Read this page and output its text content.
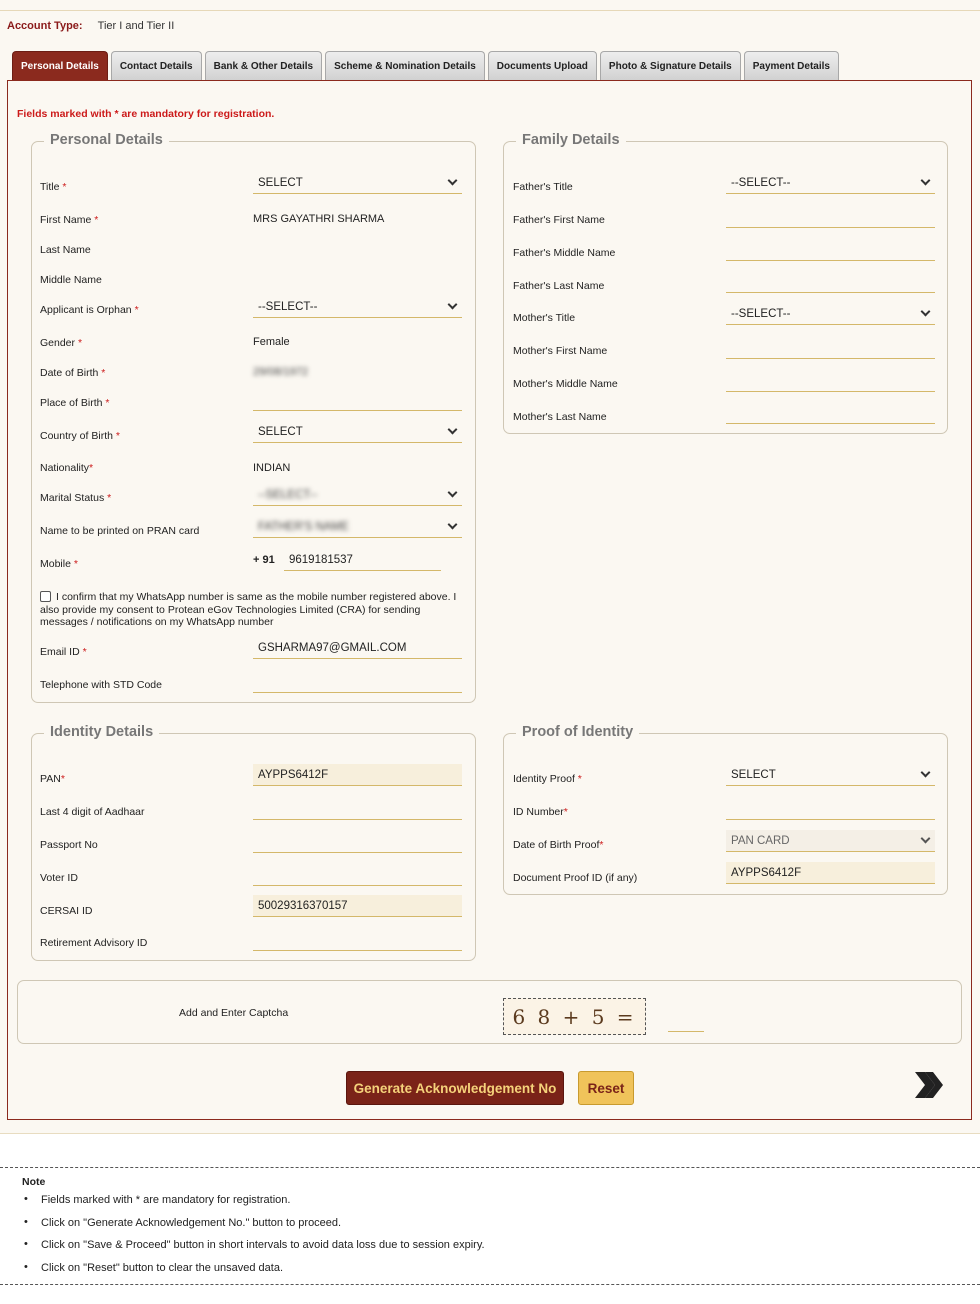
Account Type: Tier I and Tier II
Personal Details	Contact Details	Bank & Other Details	Scheme & Nomination Details	Documents Upload	Photo & Signature Details	Payment Details
Fields marked with * are mandatory for registration.
Personal Details
Title *	SELECT
First Name *	MRS GAYATHRI SHARMA
Last Name
Middle Name
Applicant is Orphan *	--SELECT--
Gender *	Female
Date of Birth *	29/08/1972
Place of Birth *
Country of Birth *	SELECT
Nationality*	INDIAN
Marital Status *	--SELECT--
Name to be printed on PRAN card	FATHER'S NAME
Mobile *	+ 91	9619181537
I confirm that my WhatsApp number is same as the mobile number registered above. I also provide my consent to Protean eGov Technologies Limited (CRA) for sending messages / notifications on my WhatsApp number
Email ID *	GSHARMA97@GMAIL.COM
Telephone with STD Code
Family Details
Father's Title	--SELECT--
Father's First Name
Father's Middle Name
Father's Last Name
Mother's Title	--SELECT--
Mother's First Name
Mother's Middle Name
Mother's Last Name
Identity Details
PAN*	AYPPS6412F
Last 4 digit of Aadhaar
Passport No
Voter ID
CERSAI ID	50029316370157
Retirement Advisory ID
Proof of Identity
Identity Proof *	SELECT
ID Number*
Date of Birth Proof*	PAN CARD
Document Proof ID (if any)	AYPPS6412F
Add and Enter Captcha	6 8 + 5 =
Generate Acknowledgement No	Reset
Note
• Fields marked with * are mandatory for registration.
• Click on "Generate Acknowledgement No." button to proceed.
• Click on "Save & Proceed" button in short intervals to avoid data loss due to session expiry.
• Click on "Reset" button to clear the unsaved data.
